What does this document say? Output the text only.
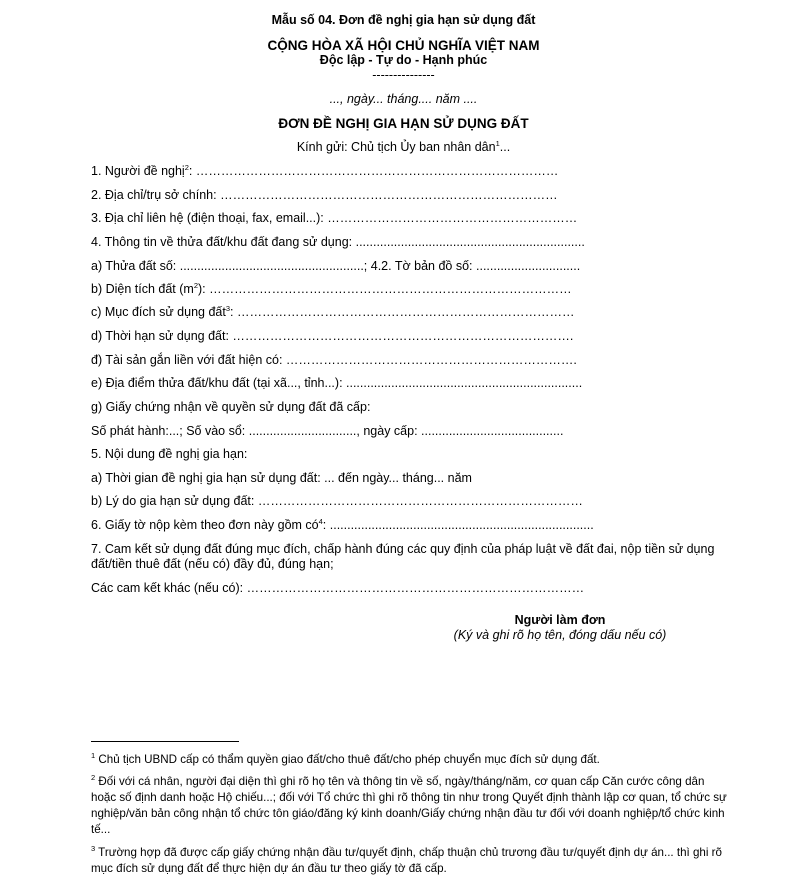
Mẫu số 04. Đơn đề nghị gia hạn sử dụng đất
CỘNG HÒA XÃ HỘI CHỦ NGHĨA VIỆT NAM
Độc lập - Tự do - Hạnh phúc
---------------
..., ngày... tháng.... năm ....
ĐƠN ĐỀ NGHỊ GIA HẠN SỬ DỤNG ĐẤT
Kính gửi: Chủ tịch Ủy ban nhân dân$^1$...
1. Người đề nghị$^2$: ……………………………………………………………………………
2. Địa chỉ/trụ sở chính: ………………………………………………………………………
3. Địa chỉ liên hệ (điện thoại, fax, email...): ……………………………………………………
4. Thông tin về thửa đất/khu đất đang sử dụng: ..................................................................
a) Thửa đất số: .....................................................; 4.2. Tờ bản đồ số: ..............................
b) Diện tích đất $(m^2)$: ……………………………………………………………………………
c) Mục đích sử dụng đất$^3$: ………………………………………………………………………
d) Thời hạn sử dụng đất: ……………………………………………………………………….
đ) Tài sản gắn liền với đất hiện có: …………………………………………………………….
e) Địa điểm thửa đất/khu đất (tại xã..., tỉnh...): ....................................................................
g) Giấy chứng nhận về quyền sử dụng đất đã cấp:
Số phát hành:...; Số vào sổ: ..............................., ngày cấp: .........................................
5. Nội dung đề nghị gia hạn:
a) Thời gian đề nghị gia hạn sử dụng đất: ... đến ngày... tháng... năm
b) Lý do gia hạn sử dụng đất: ……………………………………………………………………
6. Giấy tờ nộp kèm theo đơn này gồm $có^4$: ............................................................................
7. Cam kết sử dụng đất đúng mục đích, chấp hành đúng các quy định của pháp luật về đất đai, nộp tiền sử dụng đất/tiền thuê đất (nếu có) đầy đủ, đúng hạn;
Các cam kết khác (nếu có): ………………………………………………………………………
Người làm đơn
(Ký và ghi rõ họ tên, đóng dấu nếu có)
$^1$ Chủ tịch UBND cấp có thẩm quyền giao đất/cho thuê đất/cho phép chuyển mục đích sử dụng đất.
$^2$ Đối với cá nhân, người đại diện thì ghi rõ họ tên và thông tin về số, ngày/tháng/năm, cơ quan cấp Căn cước công dân hoặc số định danh hoặc Hộ chiếu...; đối với Tổ chức thì ghi rõ thông tin như trong Quyết định thành lập cơ quan, tổ chức sự nghiệp/văn bản công nhận tổ chức tôn giáo/đăng ký kinh doanh/Giấy chứng nhận đầu tư đối với doanh nghiệp/tổ chức kinh tế...
$^3$ Trường hợp đã được cấp giấy chứng nhận đầu tư/quyết định, chấp thuận chủ trương đầu tư/quyết định dự án... thì ghi rõ mục đích sử dụng đất để thực hiện dự án đầu tư theo giấy tờ đã cấp.
